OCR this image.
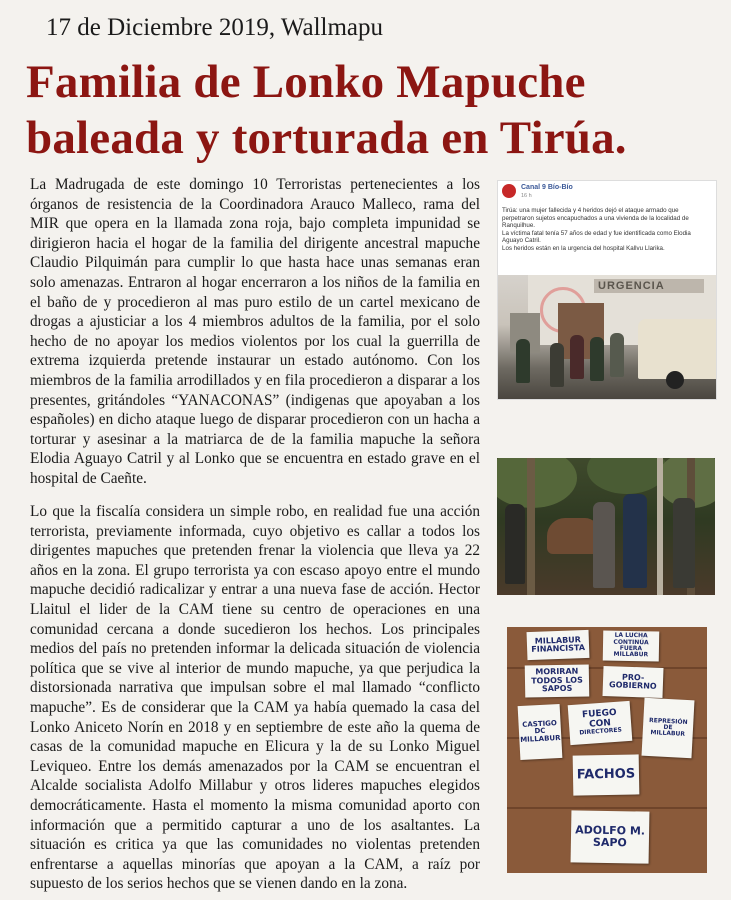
17 de Diciembre 2019, Wallmapu
Familia de Lonko Mapuche
baleada y torturada en Tirúa.

La Madrugada de este domingo 10 Terroristas pertenecientes a los órganos de resistencia de la Coordinadora Arauco Malleco, rama del MIR que opera en la llamada zona roja, bajo completa impunidad se dirigieron hacia el hogar de la familia del dirigente ancestral mapuche Claudio Pilquimán para cumplir lo que hasta hace unas semanas eran solo amenazas. Entraron al hogar encerraron a los niños de la familia en el baño de y procedieron al mas puro estilo de un cartel mexicano de drogas a ajusticiar a los 4 miembros adultos de la familia, por el solo hecho de no apoyar los medios violentos por los cual la guerrilla de extrema izquierda pretende instaurar un estado autónomo. Con los miembros de la familia arrodillados y en fila procedieron a disparar a los presentes, gritándoles “YANACONAS” (indigenas que apoyaban a los españoles) en dicho ataque luego de disparar procedieron con un hacha a torturar y asesinar a la matriarca de de la familia mapuche la señora Elodia Aguayo Catril y al Lonko que se encuentra en estado grave en el hospital de Caeñte.

Lo que la fiscalía considera un simple robo, en realidad fue una acción terrorista, previamente informada, cuyo objetivo es callar a todos los dirigentes mapuches que pretenden frenar la violencia que lleva ya 22 años en la zona. El grupo terrorista ya con escaso apoyo entre el mundo mapuche decidió radicalizar y entrar a una nueva fase de acción. Hector Llaitul el lider de la CAM tiene su centro de operaciones en una comunidad cercana a donde sucedieron los hechos. Los principales medios del país no pretenden informar la delicada situación de violencia política que se vive al interior de mundo mapuche, ya que perjudica la distorsionada narrativa que impulsan sobre el mal llamado “conflicto mapuche”. Es de considerar que la CAM ya había quemado la casa del Lonko Aniceto Norín en 2018 y en septiembre de este año la quema de casas de la comunidad mapuche en Elicura y la de su Lonko Miguel Leviqueo. Entre los demás amenazados por la CAM se encuentran el Alcalde socialista Adolfo Millabur y otros lideres mapuches elegidos democráticamente. Hasta el momento la misma comunidad aporto con información que a permitido capturar a uno de los asaltantes. La situación es critica ya que las comunidades no violentas pretenden enfrentarse a aquellas minorías que apoyan a la CAM, a raíz por supuesto de los serios hechos que se vienen dando en la zona.

Canal 9 Bío-Bío
16 h
Tirúa: una mujer fallecida y 4 heridos dejó el ataque armado que perpetraron sujetos encapuchados a una vivienda de la localidad de Ranquilhue.
La víctima fatal tenía 57 años de edad y fue identificada como Elodia Aguayo Catril.
Los heridos están en la urgencia del hospital Kallvu Llarika.
URGENCIA
MILLABUR
FINANCISTA
LA LUCHA
CONTINÚA
FUERA
MILLABUR
MORIRAN
TODOS LOS
SAPOS
PRO-
GOBIERNO
CASTIGO
DC
MILLABUR
FUEGO
CON
DIRECTORES
REPRESIÓN
DE
MILLABUR
FACHOS
ADOLFO M.
SAPO
